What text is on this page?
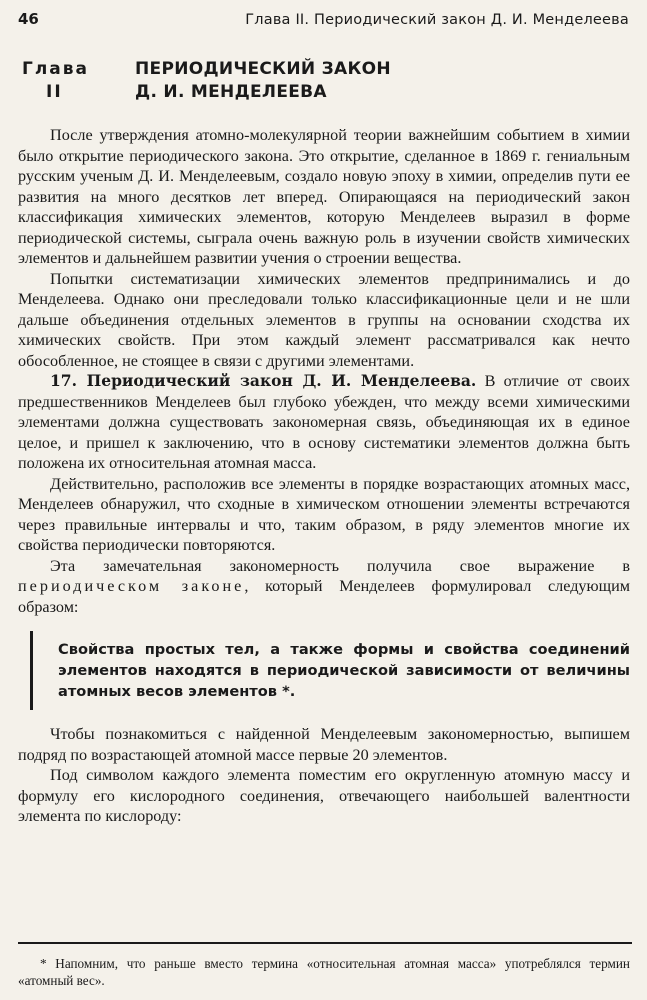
46	Глава II. Периодический закон Д. И. Менделеева
Глава
II
ПЕРИОДИЧЕСКИЙ ЗАКОН
Д. И. МЕНДЕЛЕЕВА

После утверждения атомно-молекулярной теории важнейшим событием в химии было открытие периодического закона. Это открытие, сделанное в 1869 г. гениальным русским ученым Д. И. Менделеевым, создало новую эпоху в химии, определив пути ее развития на много десятков лет вперед. Опирающаяся на периодический закон классификация химических элементов, которую Менделеев выразил в форме периодической системы, сыграла очень важную роль в изучении свойств химических элементов и дальнейшем развитии учения о строении вещества.

Попытки систематизации химических элементов предпринимались и до Менделеева. Однако они преследовали только классификационные цели и не шли дальше объединения отдельных элементов в группы на основании сходства их химических свойств. При этом каждый элемент рассматривался как нечто обособленное, не стоящее в связи с другими элементами.

17. Периодический закон Д. И. Менделеева. В отличие от своих предшественников Менделеев был глубоко убежден, что между всеми химическими элементами должна существовать закономерная связь, объединяющая их в единое целое, и пришел к заключению, что в основу систематики элементов должна быть положена их относительная атомная масса.

Действительно, расположив все элементы в порядке возрастающих атомных масс, Менделеев обнаружил, что сходные в химическом отношении элементы встречаются через правильные интервалы и что, таким образом, в ряду элементов многие их свойства периодически повторяются.

Эта замечательная закономерность получила свое выражение в периодическом законе, который Менделеев формулировал следующим образом:

Свойства простых тел, а также формы и свойства соединений элементов находятся в периодической зависимости от величины атомных весов элементов *.

Чтобы познакомиться с найденной Менделеевым закономерностью, выпишем подряд по возрастающей атомной массе первые 20 элементов.

Под символом каждого элемента поместим его округленную атомную массу и формулу его кислородного соединения, отвечающего наибольшей валентности элемента по кислороду:

* Напомним, что раньше вместо термина «относительная атомная масса» употреблялся термин «атомный вес».
